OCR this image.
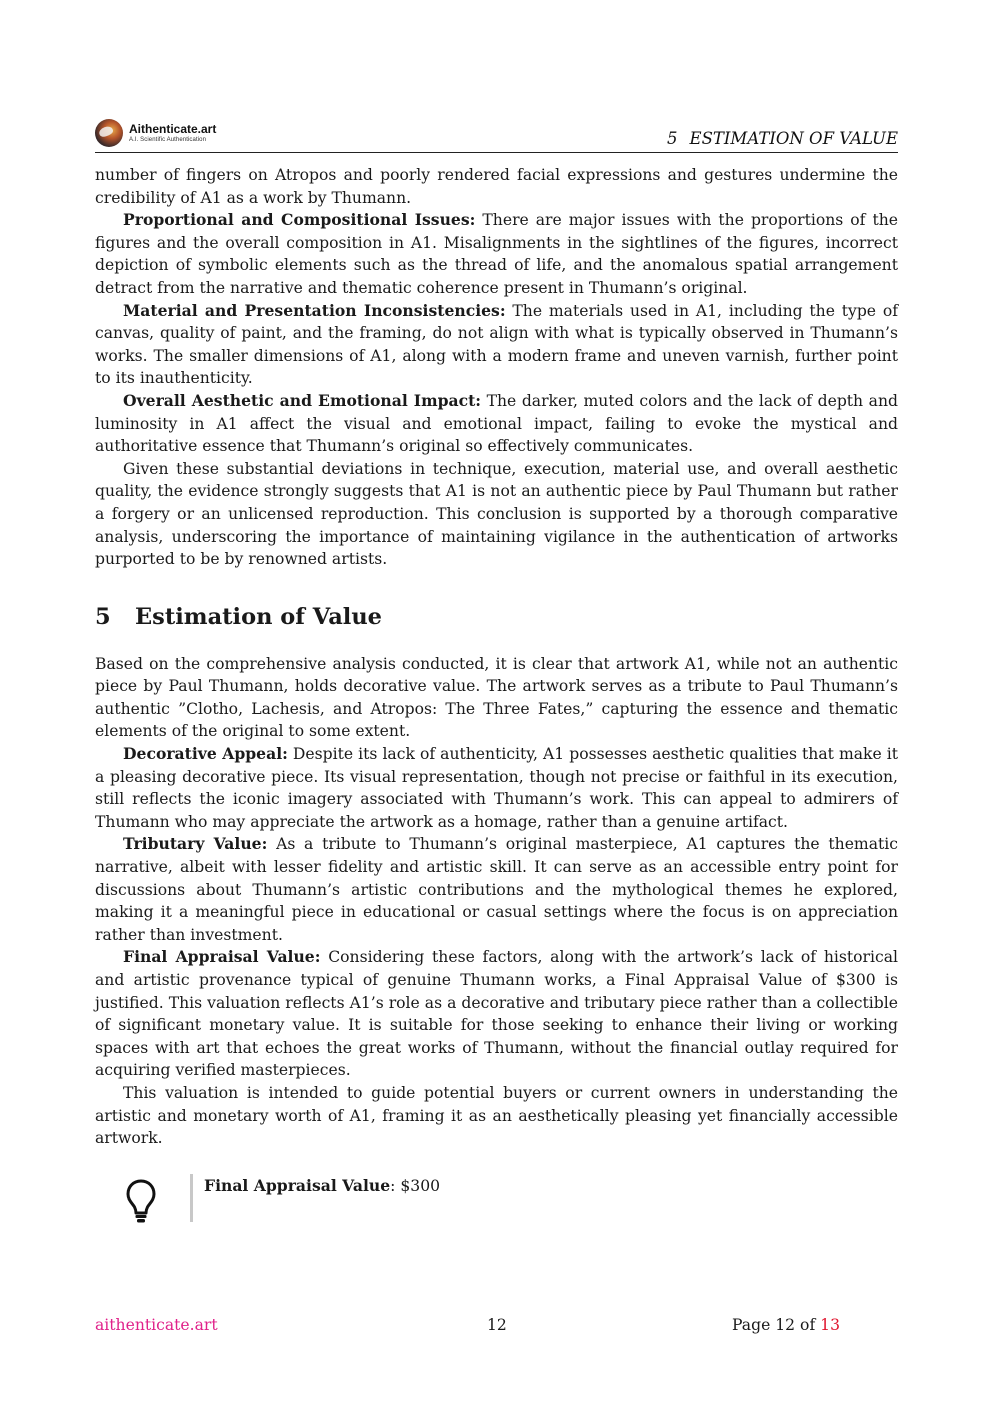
Aithenticate.art
A.I. Scientific Authentication	5 ESTIMATION OF VALUE

number of fingers on Atropos and poorly rendered facial expressions and gestures undermine the credibility of A1 as a work by Thumann.

Proportional and Compositional Issues: There are major issues with the proportions of the figures and the overall composition in A1. Misalignments in the sightlines of the figures, incorrect depiction of symbolic elements such as the thread of life, and the anomalous spatial arrangement detract from the narrative and thematic coherence present in Thumann’s original.

Material and Presentation Inconsistencies: The materials used in A1, including the type of canvas, quality of paint, and the framing, do not align with what is typically observed in Thumann’s works. The smaller dimensions of A1, along with a modern frame and uneven varnish, further point to its inauthenticity.

Overall Aesthetic and Emotional Impact: The darker, muted colors and the lack of depth and luminosity in A1 affect the visual and emotional impact, failing to evoke the mystical and authoritative essence that Thumann’s original so effectively communicates.

Given these substantial deviations in technique, execution, material use, and overall aesthetic quality, the evidence strongly suggests that A1 is not an authentic piece by Paul Thumann but rather a forgery or an unlicensed reproduction. This conclusion is supported by a thorough comparative analysis, underscoring the importance of maintaining vigilance in the authentication of artworks purported to be by renowned artists.

5 Estimation of Value

Based on the comprehensive analysis conducted, it is clear that artwork A1, while not an authentic piece by Paul Thumann, holds decorative value. The artwork serves as a tribute to Paul Thumann’s authentic ”Clotho, Lachesis, and Atropos: The Three Fates,” capturing the essence and thematic elements of the original to some extent.

Decorative Appeal: Despite its lack of authenticity, A1 possesses aesthetic qualities that make it a pleasing decorative piece. Its visual representation, though not precise or faithful in its execution, still reflects the iconic imagery associated with Thumann’s work. This can appeal to admirers of Thumann who may appreciate the artwork as a homage, rather than a genuine artifact.

Tributary Value: As a tribute to Thumann’s original masterpiece, A1 captures the thematic narrative, albeit with lesser fidelity and artistic skill. It can serve as an accessible entry point for discussions about Thumann’s artistic contributions and the mythological themes he explored, making it a meaningful piece in educational or casual settings where the focus is on appreciation rather than investment.

Final Appraisal Value: Considering these factors, along with the artwork’s lack of historical and artistic provenance typical of genuine Thumann works, a Final Appraisal Value of $300 is justified. This valuation reflects A1’s role as a decorative and tributary piece rather than a collectible of significant monetary value. It is suitable for those seeking to enhance their living or working spaces with art that echoes the great works of Thumann, without the financial outlay required for acquiring verified masterpieces.

This valuation is intended to guide potential buyers or current owners in understanding the artistic and monetary worth of A1, framing it as an aesthetically pleasing yet financially accessible artwork.

Final Appraisal Value: $300
aithenticate.art	12	Page 12 of 13
